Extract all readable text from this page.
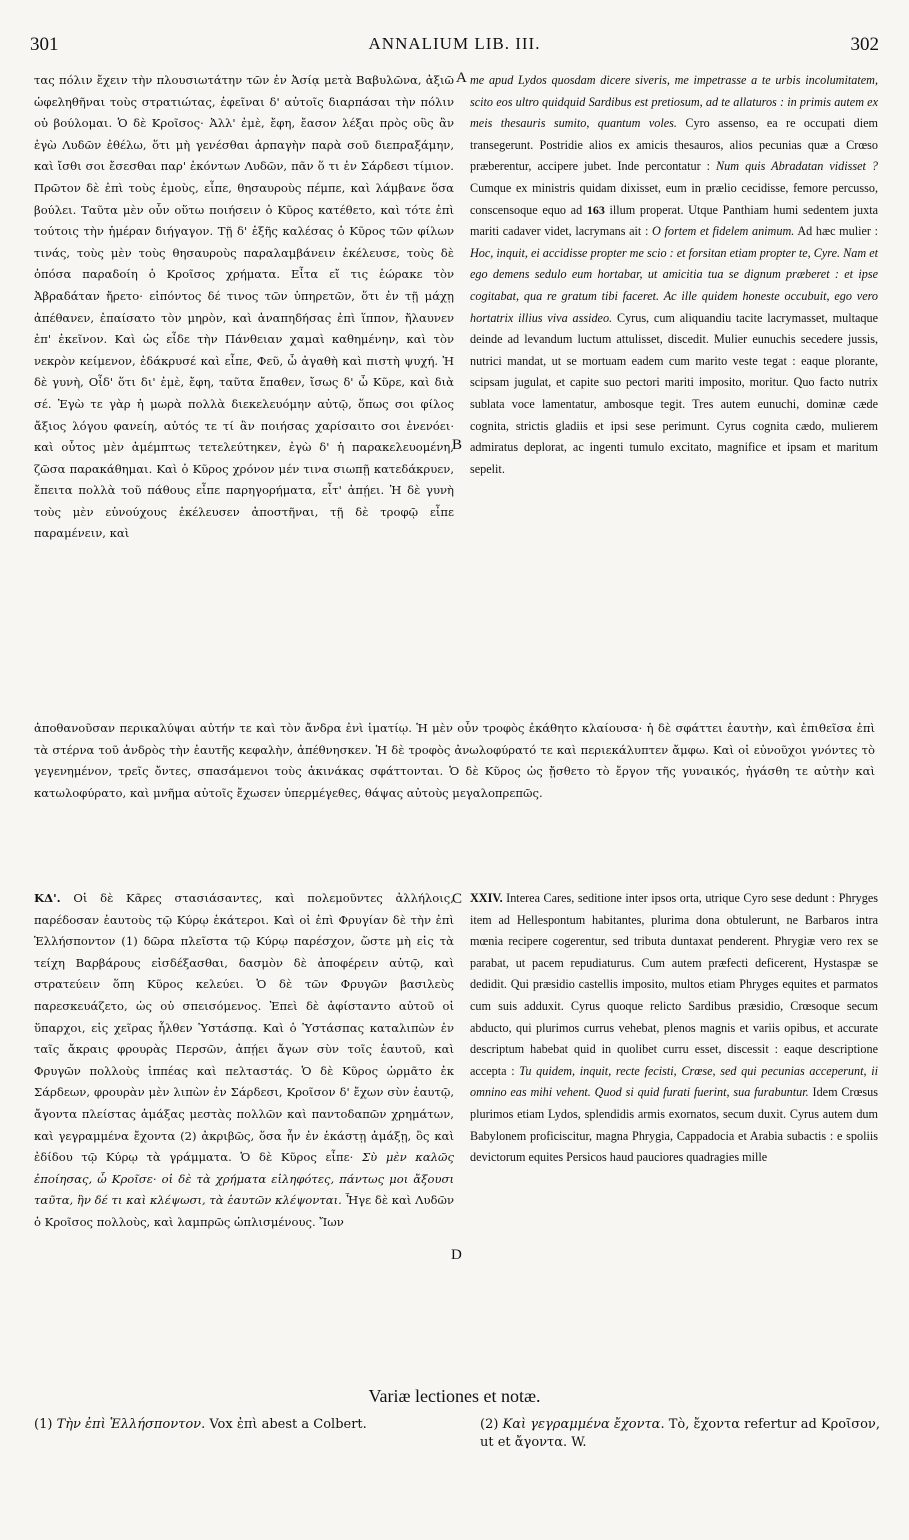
301	ANNALIUM LIB. III.	302
A
B
C
D

τας πόλιν ἔχειν τὴν πλουσιωτάτην τῶν ἐν Ἀσίᾳ μετὰ Βαβυλῶνα, ἀξιῶ ὠφεληθῆναι τοὺς στρατιώτας, ἐφεῖναι δ' αὐτοῖς διαρπάσαι τὴν πόλιν οὐ βούλομαι. Ὁ δὲ Κροῖσος· Ἀλλ' ἐμὲ, ἔφη, ἔασον λέξαι πρὸς οὓς ἂν ἐγὼ Λυδῶν ἐθέλω, ὅτι μὴ γενέσθαι ἁρπαγὴν παρὰ σοῦ διεπραξάμην, καὶ ἴσθι σοι ἔσεσθαι παρ' ἑκόντων Λυδῶν, πᾶν ὅ τι ἐν Σάρδεσι τίμιον. Πρῶτον δὲ ἐπὶ τοὺς ἐμοὺς, εἶπε, θησαυροὺς πέμπε, καὶ λάμβανε ὅσα βούλει. Ταῦτα μὲν οὖν οὕτω ποιήσειν ὁ Κῦρος κατέθετο, καὶ τότε ἐπὶ τούτοις τὴν ἡμέραν διήγαγον. Τῇ δ' ἑξῆς καλέσας ὁ Κῦρος τῶν φίλων τινάς, τοὺς μὲν τοὺς θησαυροὺς παραλαμβάνειν ἐκέλευσε, τοὺς δὲ ὁπόσα παραδοίη ὁ Κροῖσος χρήματα. Εἶτα εἴ τις ἑώρακε τὸν Ἀβραδάταν ἤρετο· εἰπόντος δέ τινος τῶν ὑπηρετῶν, ὅτι ἐν τῇ μάχῃ ἀπέθανεν, ἐπαίσατο τὸν μηρὸν, καὶ ἀναπηδήσας ἐπὶ ἵππον, ἤλαυνεν ἐπ' ἐκεῖνον. Καὶ ὡς εἶδε τὴν Πάνθειαν χαμαὶ καθημένην, καὶ τὸν νεκρὸν κείμενον, ἐδάκρυσέ καὶ εἶπε, Φεῦ, ὦ ἀγαθὴ καὶ πιστὴ ψυχή. Ἡ δὲ γυνὴ, Οἶδ' ὅτι δι' ἐμὲ, ἔφη, ταῦτα ἔπαθεν, ἴσως δ' ὦ Κῦρε, καὶ διὰ σέ. Ἐγὼ τε γὰρ ἡ μωρὰ πολλὰ διεκελευόμην αὐτῷ, ὅπως σοι φίλος ἄξιος λόγου φανείη, αὐτός τε τί ἂν ποιήσας χαρίσαιτο σοι ἐνενόει· καὶ οὗτος μὲν ἀμέμπτως τετελεύτηκεν, ἐγὼ δ' ἡ παρακελευομένη, ζῶσα παρακάθημαι. Καὶ ὁ Κῦρος χρόνον μέν τινα σιωπῇ κατεδάκρυεν, ἔπειτα πολλὰ τοῦ πάθους εἶπε παρηγορήματα, εἶτ' ἀπῄει. Ἡ δὲ γυνὴ τοὺς μὲν εὐνούχους ἐκέλευσεν ἀποστῆναι, τῇ δὲ τροφῷ εἶπε παραμένειν, καὶ

me apud Lydos quosdam dicere siveris, me impetrasse a te urbis incolumitatem, scito eos ultro quidquid Sardibus est pretiosum, ad te allaturos : in primis autem ex meis thesauris sumito, quantum voles. Cyro assenso, ea re occupati diem transegerunt. Postridie alios ex amicis thesauros, alios pecunias quæ a Crœso præberentur, accipere jubet. Inde percontatur : Num quis Abradatan vidisset ? Cumque ex ministris quidam dixisset, eum in prælio cecidisse, femore percusso, conscensoque equo ad 163 illum properat. Utque Panthiam humi sedentem juxta mariti cadaver videt, lacrymans ait : O fortem et fidelem animum. Ad hæc mulier : Hoc, inquit, ei accidisse propter me scio : et forsitan etiam propter te, Cyre. Nam et ego demens sedulo eum hortabar, ut amicitia tua se dignum præberet : et ipse cogitabat, qua re gratum tibi faceret. Ac ille quidem honeste occubuit, ego vero hortatrix illius viva assideo. Cyrus, cum aliquandiu tacite lacrymasset, multaque deinde ad levandum luctum attulisset, discedit. Mulier eunuchis secedere jussis, nutrici mandat, ut se mortuam eadem cum marito veste tegat : eaque plorante, scipsam jugulat, et capite suo pectori mariti imposito, moritur. Quo facto nutrix sublata voce lamentatur, ambosque tegit. Tres autem eunuchi, dominæ cæde cognita, strictis gladiis et ipsi sese perimunt. Cyrus cognita cædo, mulierem admiratus deplorat, ac ingenti tumulo excitato, magnifice et ipsam et maritum sepelit.

ἀποθανοῦσαν περικαλύψαι αὐτήν τε καὶ τὸν ἄνδρα ἐνὶ ἱματίῳ. Ἡ μὲν οὖν τροφὸς ἐκάθητο κλαίουσα· ἡ δὲ σφάττει ἑαυτὴν, καὶ ἐπιθεῖσα ἐπὶ τὰ στέρνα τοῦ ἀνδρὸς τὴν ἑαυτῆς κεφαλὴν, ἀπέθνησκεν. Ἡ δὲ τροφὸς ἀνωλοφύρατό τε καὶ περιεκάλυπτεν ἄμφω. Καὶ οἱ εὐνοῦχοι γνόντες τὸ γεγενημένον, τρεῖς ὄντες, σπασάμενοι τοὺς ἀκινάκας σφάττονται. Ὁ δὲ Κῦρος ὡς ᾔσθετο τὸ ἔργον τῆς γυναικός, ἠγάσθη τε αὐτὴν καὶ κατωλοφύρατο, καὶ μνῆμα αὐτοῖς ἔχωσεν ὑπερμέγεθες, θάψας αὐτοὺς μεγαλοπρεπῶς.

ΚΔ'. Οἱ δὲ Κᾶρες στασιάσαντες, καὶ πολεμοῦντες ἀλλήλοις, παρέδοσαν ἑαυτοὺς τῷ Κύρῳ ἑκάτεροι. Καὶ οἱ ἐπὶ Φρυγίαν δὲ τὴν ἐπὶ Ἑλλήσποντον (1) δῶρα πλεῖστα τῷ Κύρῳ παρέσχον, ὥστε μὴ εἰς τὰ τείχη Βαρβάρους εἰσδέξασθαι, δασμὸν δὲ ἀποφέρειν αὐτῷ, καὶ στρατεύειν ὅπη Κῦρος κελεύει. Ὁ δὲ τῶν Φρυγῶν βασιλεὺς παρεσκευάζετο, ὡς οὐ σπεισόμενος. Ἐπεὶ δὲ ἀφίσταντο αὐτοῦ οἱ ὕπαρχοι, εἰς χεῖρας ἦλθεν Ὑστάσπᾳ. Καὶ ὁ Ὑστάσπας καταλιπὼν ἐν ταῖς ἄκραις φρουρὰς Περσῶν, ἀπῄει ἄγων σὺν τοῖς ἑαυτοῦ, καὶ Φρυγῶν πολλοὺς ἱππέας καὶ πελταστάς. Ὁ δὲ Κῦρος ὡρμᾶτο ἐκ Σάρδεων, φρουρὰν μὲν λιπὼν ἐν Σάρδεσι, Κροῖσον δ' ἔχων σὺν ἑαυτῷ, ἄγοντα πλείστας ἁμάξας μεστὰς πολλῶν καὶ παντοδαπῶν χρημάτων, καὶ γεγραμμένα ἔχοντα (2) ἀκριβῶς, ὅσα ἦν ἐν ἑκάστῃ ἁμάξῃ, ὃς καὶ ἐδίδου τῷ Κύρῳ τὰ γράμματα. Ὁ δὲ Κῦρος εἶπε· Σὺ μὲν καλῶς ἐποίησας, ὦ Κροῖσε· οἱ δὲ τὰ χρήματα εἰληφότες, πάντως μοι ἄξουσι ταῦτα, ἣν δέ τι καὶ κλέψωσι, τὰ ἑαυτῶν κλέψονται. Ἦγε δὲ καὶ Λυδῶν ὁ Κροῖσος πολλοὺς, καὶ λαμπρῶς ὡπλισμένους. Ἴων

XXIV. Interea Cares, seditione inter ipsos orta, utrique Cyro sese dedunt : Phryges item ad Hellespontum habitantes, plurima dona obtulerunt, ne Barbaros intra mœnia recipere cogerentur, sed tributa duntaxat penderent. Phrygiæ vero rex se parabat, ut pacem repudiaturus. Cum autem præfecti deficerent, Hystaspæ se dedidit. Qui præsidio castellis imposito, multos etiam Phryges equites et parmatos cum suis adduxit. Cyrus quoque relicto Sardibus præsidio, Crœsoque secum abducto, qui plurimos currus vehebat, plenos magnis et variis opibus, et accurate descriptum habebat quid in quolibet curru esset, discessit : eaque descriptione accepta : Tu quidem, inquit, recte fecisti, Crœse, sed qui pecunias acceperunt, ii omnino eas mihi vehent. Quod si quid furati fuerint, sua furabuntur. Idem Crœsus plurimos etiam Lydos, splendidis armis exornatos, secum duxit. Cyrus autem dum Babylonem proficiscitur, magna Phrygia, Cappadocia et Arabia subactis : e spoliis devictorum equites Persicos haud pauciores quadragies mille

Variæ lectiones et notæ.
(1) Τὴν ἐπὶ Ἑλλήσποντον. Vox ἐπὶ abest a Colbert.	(2) Καὶ γεγραμμένα ἔχοντα. Τὸ, ἔχοντα refertur ad Κροῖσον, ut et ἄγοντα. W.
